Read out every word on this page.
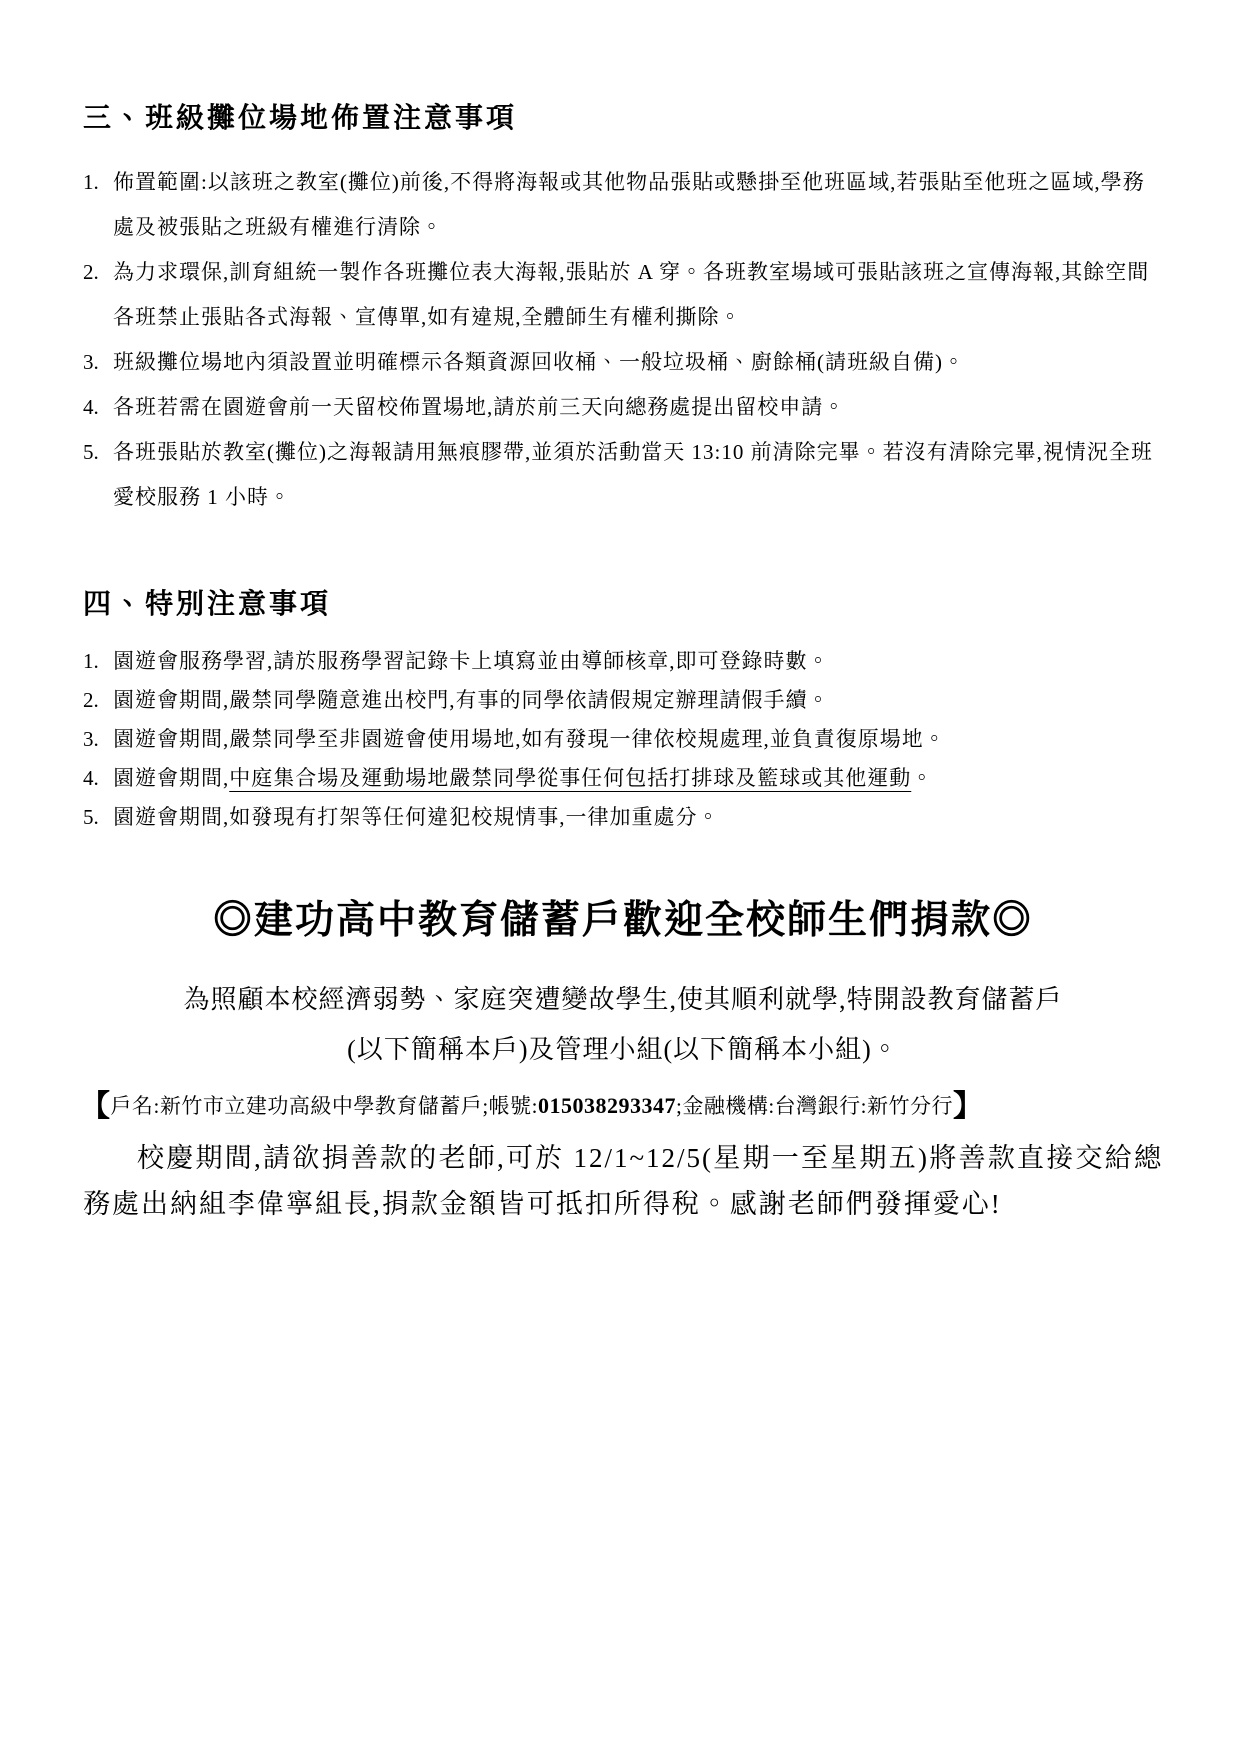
三、班級攤位場地佈置注意事項
1. 佈置範圍:以該班之教室(攤位)前後,不得將海報或其他物品張貼或懸掛至他班區域,若張貼至他班之區域,學務處及被張貼之班級有權進行清除。
2. 為力求環保,訓育組統一製作各班攤位表大海報,張貼於 A 穿。各班教室場域可張貼該班之宣傳海報,其餘空間各班禁止張貼各式海報、宣傳單,如有違規,全體師生有權利撕除。
3. 班級攤位場地內須設置並明確標示各類資源回收桶、一般垃圾桶、廚餘桶(請班級自備)。
4. 各班若需在園遊會前一天留校佈置場地,請於前三天向總務處提出留校申請。
5. 各班張貼於教室(攤位)之海報請用無痕膠帶,並須於活動當天 13:10 前清除完畢。若沒有清除完畢,視情況全班愛校服務 1 小時。
四、特別注意事項
1. 園遊會服務學習,請於服務學習記錄卡上填寫並由導師核章,即可登錄時數。
2. 園遊會期間,嚴禁同學隨意進出校門,有事的同學依請假規定辦理請假手續。
3. 園遊會期間,嚴禁同學至非園遊會使用場地,如有發現一律依校規處理,並負責復原場地。
4. 園遊會期間,中庭集合場及運動場地嚴禁同學從事任何包括打排球及籃球或其他運動。
5. 園遊會期間,如發現有打架等任何違犯校規情事,一律加重處分。
◎建功高中教育儲蓄戶歡迎全校師生們捐款◎
為照顧本校經濟弱勢、家庭突遭變故學生,使其順利就學,特開設教育儲蓄戶
(以下簡稱本戶)及管理小組(以下簡稱本小組)。
【戶名:新竹市立建功高級中學教育儲蓄戶;帳號:015038293347;金融機構:台灣銀行:新竹分行】
校慶期間,請欲捐善款的老師,可於 12/1~12/5(星期一至星期五)將善款直接交給總務處出納組李偉寧組長,捐款金額皆可抵扣所得稅。感謝老師們發揮愛心!
